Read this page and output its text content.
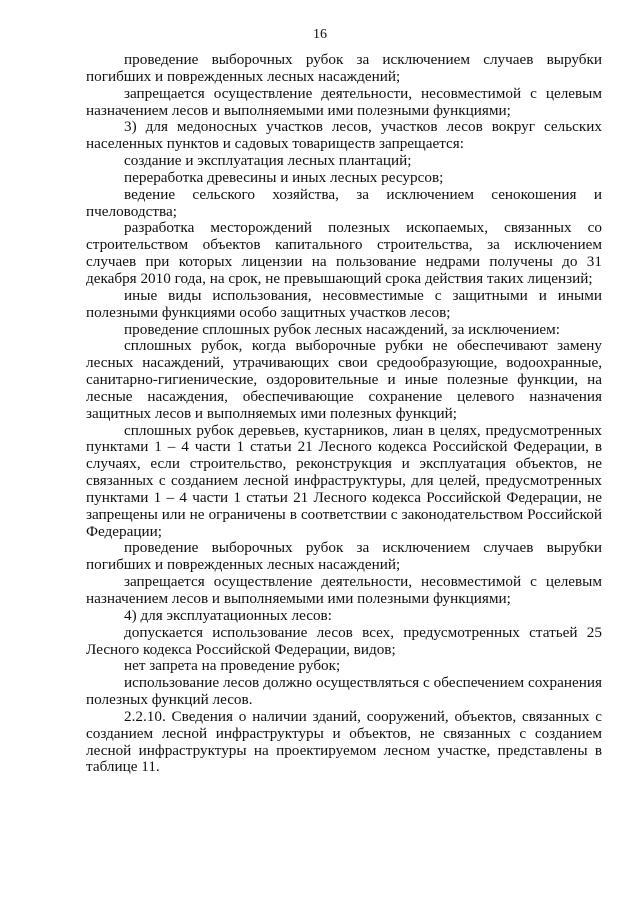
16

проведение выборочных рубок за исключением случаев вырубки погибших и поврежденных лесных насаждений;

запрещается осуществление деятельности, несовместимой с целевым назначением лесов и выполняемыми ими полезными функциями;

3) для медоносных участков лесов, участков лесов вокруг сельских населенных пунктов и садовых товариществ запрещается:

создание и эксплуатация лесных плантаций;

переработка древесины и иных лесных ресурсов;

ведение сельского хозяйства, за исключением сенокошения и пчеловодства;

разработка месторождений полезных ископаемых, связанных со строительством объектов капитального строительства, за исключением случаев при которых лицензии на пользование недрами получены до 31 декабря 2010 года, на срок, не превышающий срока действия таких лицензий;

иные виды использования, несовместимые с защитными и иными полезными функциями особо защитных участков лесов;

проведение сплошных рубок лесных насаждений, за исключением:

сплошных рубок, когда выборочные рубки не обеспечивают замену лесных насаждений, утрачивающих свои средообразующие, водоохранные, санитарно-гигиенические, оздоровительные и иные полезные функции, на лесные насаждения, обеспечивающие сохранение целевого назначения защитных лесов и выполняемых ими полезных функций;

сплошных рубок деревьев, кустарников, лиан в целях, предусмотренных пунктами 1 – 4 части 1 статьи 21 Лесного кодекса Российской Федерации, в случаях, если строительство, реконструкция и эксплуатация объектов, не связанных с созданием лесной инфраструктуры, для целей, предусмотренных пунктами 1 – 4 части 1 статьи 21 Лесного кодекса Российской Федерации, не запрещены или не ограничены в соответствии с законодательством Российской Федерации;

проведение выборочных рубок за исключением случаев вырубки погибших и поврежденных лесных насаждений;

запрещается осуществление деятельности, несовместимой с целевым назначением лесов и выполняемыми ими полезными функциями;

4) для эксплуатационных лесов:

допускается использование лесов всех, предусмотренных статьей 25 Лесного кодекса Российской Федерации, видов;

нет запрета на проведение рубок;

использование лесов должно осуществляться с обеспечением сохранения полезных функций лесов.

2.2.10. Сведения о наличии зданий, сооружений, объектов, связанных с созданием лесной инфраструктуры и объектов, не связанных с созданием лесной инфраструктуры на проектируемом лесном участке, представлены в таблице 11.
